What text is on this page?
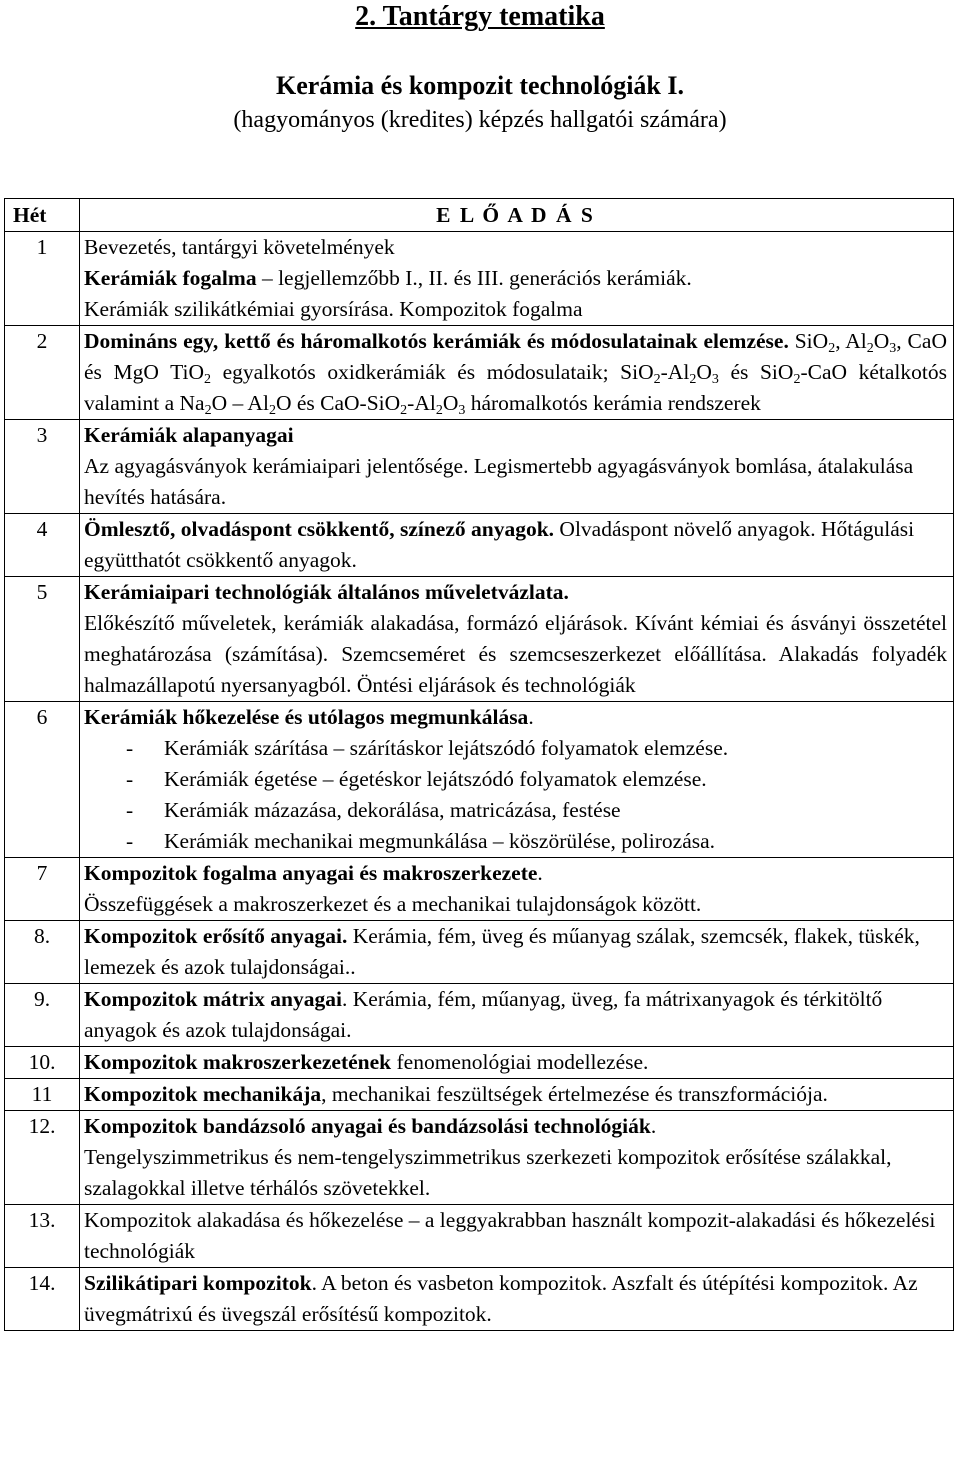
2. Tantárgy tematika
Kerámia és kompozit technológiák I.
(hagyományos (kredites) képzés hallgatói számára)
Hét	E L Ő A D Á S
1	Bevezetés, tantárgyi követelmények
Kerámiák fogalma – legjellemzőbb I., II. és III. generációs kerámiák.
Kerámiák szilikátkémiai gyorsírása. Kompozitok fogalma

2	Domináns egy, kettő és háromalkotós kerámiák és módosulatainak elemzése. SiO$_2$, $Al_2O_3$, CaO és MgO TiO$_2$ egyalkotós oxidkerámiák és módosulataik; $SiO_2-Al_2O_3$ és SiO$_2$-CaO kétalkotós valamint a $Na_2O - Al_2O$ és CaO-$SiO_2-Al_2O_3$ háromalkotós kerámia rendszerek
3	Kerámiák alapanyagai
Az agyagásványok kerámiaipari jelentősége. Legismertebb agyagásványok bomlása, átalakulása hevítés hatására.

4	Ömlesztő, olvadáspont csökkentő, színező anyagok. Olvadáspont növelő anyagok. Hőtágulási együtthatót csökkentő anyagok.
5	Kerámiaipari technológiák általános műveletvázlata.
Előkészítő műveletek, kerámiák alakadása, formázó eljárások. Kívánt kémiai és ásványi összetétel meghatározása (számítása). Szemcseméret és szemcseszerkezet előállítása. Alakadás folyadék halmazállapotú nyersanyagból. Öntési eljárások és technológiák

6	Kerámiák hőkezelése és utólagos megmunkálása.
- Kerámiák szárítása – szárításkor lejátszódó folyamatok elemzése.
- Kerámiák égetése – égetéskor lejátszódó folyamatok elemzése.
- Kerámiák mázazása, dekorálása, matricázása, festése
- Kerámiák mechanikai megmunkálása – köszörülése, polirozása.

7	Kompozitok fogalma anyagai és makroszerkezete.
Összefüggések a makroszerkezet és a mechanikai tulajdonságok között.

8.	Kompozitok erősítő anyagai. Kerámia, fém, üveg és műanyag szálak, szemcsék, flakek, tüskék, lemezek és azok tulajdonságai..
9.	Kompozitok mátrix anyagai. Kerámia, fém, műanyag, üveg, fa mátrixanyagok és térkitöltő anyagok és azok tulajdonságai.
10.	Kompozitok makroszerkezetének fenomenológiai modellezése.
11	Kompozitok mechanikája, mechanikai feszültségek értelmezése és transzformációja.
12.	Kompozitok bandázsoló anyagai és bandázsolási technológiák.
Tengelyszimmetrikus és nem-tengelyszimmetrikus szerkezeti kompozitok erősítése szálakkal, szalagokkal illetve térhálós szövetekkel.

13.	Kompozitok alakadása és hőkezelése – a leggyakrabban használt kompozit-alakadási és hőkezelési technológiák
14.	Szilikátipari kompozitok. A beton és vasbeton kompozitok. Aszfalt és útépítési kompozitok. Az üvegmátrixú és üvegszál erősítésű kompozitok.
